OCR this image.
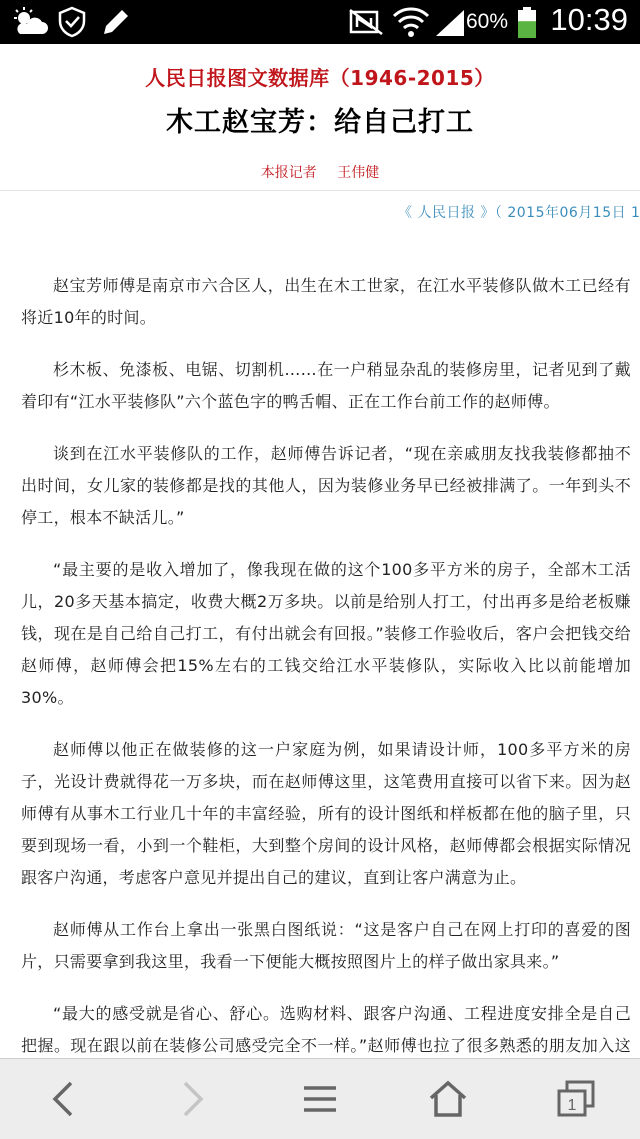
60% 10:39
人民日报图文数据库（1946-2015）
木工赵宝芳：给自己打工
本报记者 王伟健
《 人民日报 》（ 2015年06月15日 1

赵宝芳师傅是南京市六合区人，出生在木工世家，在江水平装修队做木工已经有将近10年的时间。

杉木板、免漆板、电锯、切割机……在一户稍显杂乱的装修房里，记者见到了戴着印有“江水平装修队”六个蓝色字的鸭舌帽、正在工作台前工作的赵师傅。

谈到在江水平装修队的工作，赵师傅告诉记者，“现在亲戚朋友找我装修都抽不出时间，女儿家的装修都是找的其他人，因为装修业务早已经被排满了。一年到头不停工，根本不缺活儿。”

“最主要的是收入增加了，像我现在做的这个100多平方米的房子，全部木工活儿，20多天基本搞定，收费大概2万多块。以前是给别人打工，付出再多是给老板赚钱，现在是自己给自己打工，有付出就会有回报。”装修工作验收后，客户会把钱交给赵师傅，赵师傅会把15%左右的工钱交给江水平装修队，实际收入比以前能增加30%。

赵师傅以他正在做装修的这一户家庭为例，如果请设计师，100多平方米的房子，光设计费就得花一万多块，而在赵师傅这里，这笔费用直接可以省下来。因为赵师傅有从事木工行业几十年的丰富经验，所有的设计图纸和样板都在他的脑子里，只要到现场一看，小到一个鞋柜，大到整个房间的设计风格，赵师傅都会根据实际情况跟客户沟通，考虑客户意见并提出自己的建议，直到让客户满意为止。

赵师傅从工作台上拿出一张黑白图纸说：“这是客户自己在网上打印的喜爱的图片，只需要拿到我这里，我看一下便能大概按照图片上的样子做出家具来。”

“最大的感受就是省心、舒心。选购材料、跟客户沟通、工程进度安排全是自己把握。现在跟以前在装修公司感受完全不一样。”赵师傅也拉了很多熟悉的朋友加入这

1
